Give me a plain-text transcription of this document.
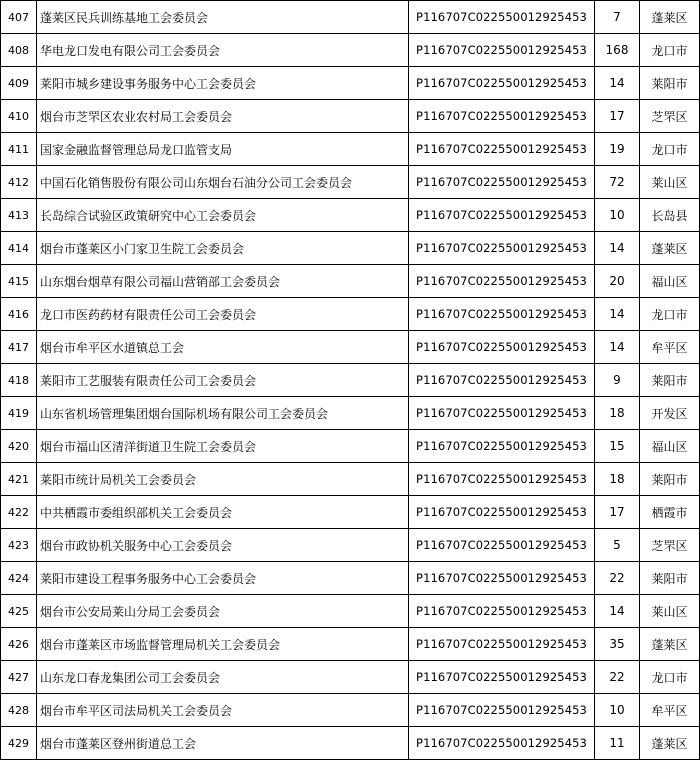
407	蓬莱区民兵训练基地工会委员会	P116707C022550012925453	7	蓬莱区
408	华电龙口发电有限公司工会委员会	P116707C022550012925453	168	龙口市
409	莱阳市城乡建设事务服务中心工会委员会	P116707C022550012925453	14	莱阳市
410	烟台市芝罘区农业农村局工会委员会	P116707C022550012925453	17	芝罘区
411	国家金融监督管理总局龙口监管支局	P116707C022550012925453	19	龙口市
412	中国石化销售股份有限公司山东烟台石油分公司工会委员会	P116707C022550012925453	72	莱山区
413	长岛综合试验区政策研究中心工会委员会	P116707C022550012925453	10	长岛县
414	烟台市蓬莱区小门家卫生院工会委员会	P116707C022550012925453	14	蓬莱区
415	山东烟台烟草有限公司福山营销部工会委员会	P116707C022550012925453	20	福山区
416	龙口市医药药材有限责任公司工会委员会	P116707C022550012925453	14	龙口市
417	烟台市牟平区水道镇总工会	P116707C022550012925453	14	牟平区
418	莱阳市工艺服装有限责任公司工会委员会	P116707C022550012925453	9	莱阳市
419	山东省机场管理集团烟台国际机场有限公司工会委员会	P116707C022550012925453	18	开发区
420	烟台市福山区清洋街道卫生院工会委员会	P116707C022550012925453	15	福山区
421	莱阳市统计局机关工会委员会	P116707C022550012925453	18	莱阳市
422	中共栖霞市委组织部机关工会委员会	P116707C022550012925453	17	栖霞市
423	烟台市政协机关服务中心工会委员会	P116707C022550012925453	5	芝罘区
424	莱阳市建设工程事务服务中心工会委员会	P116707C022550012925453	22	莱阳市
425	烟台市公安局莱山分局工会委员会	P116707C022550012925453	14	莱山区
426	烟台市蓬莱区市场监督管理局机关工会委员会	P116707C022550012925453	35	蓬莱区
427	山东龙口春龙集团公司工会委员会	P116707C022550012925453	22	龙口市
428	烟台市牟平区司法局机关工会委员会	P116707C022550012925453	10	牟平区
429	烟台市蓬莱区登州街道总工会	P116707C022550012925453	11	蓬莱区
